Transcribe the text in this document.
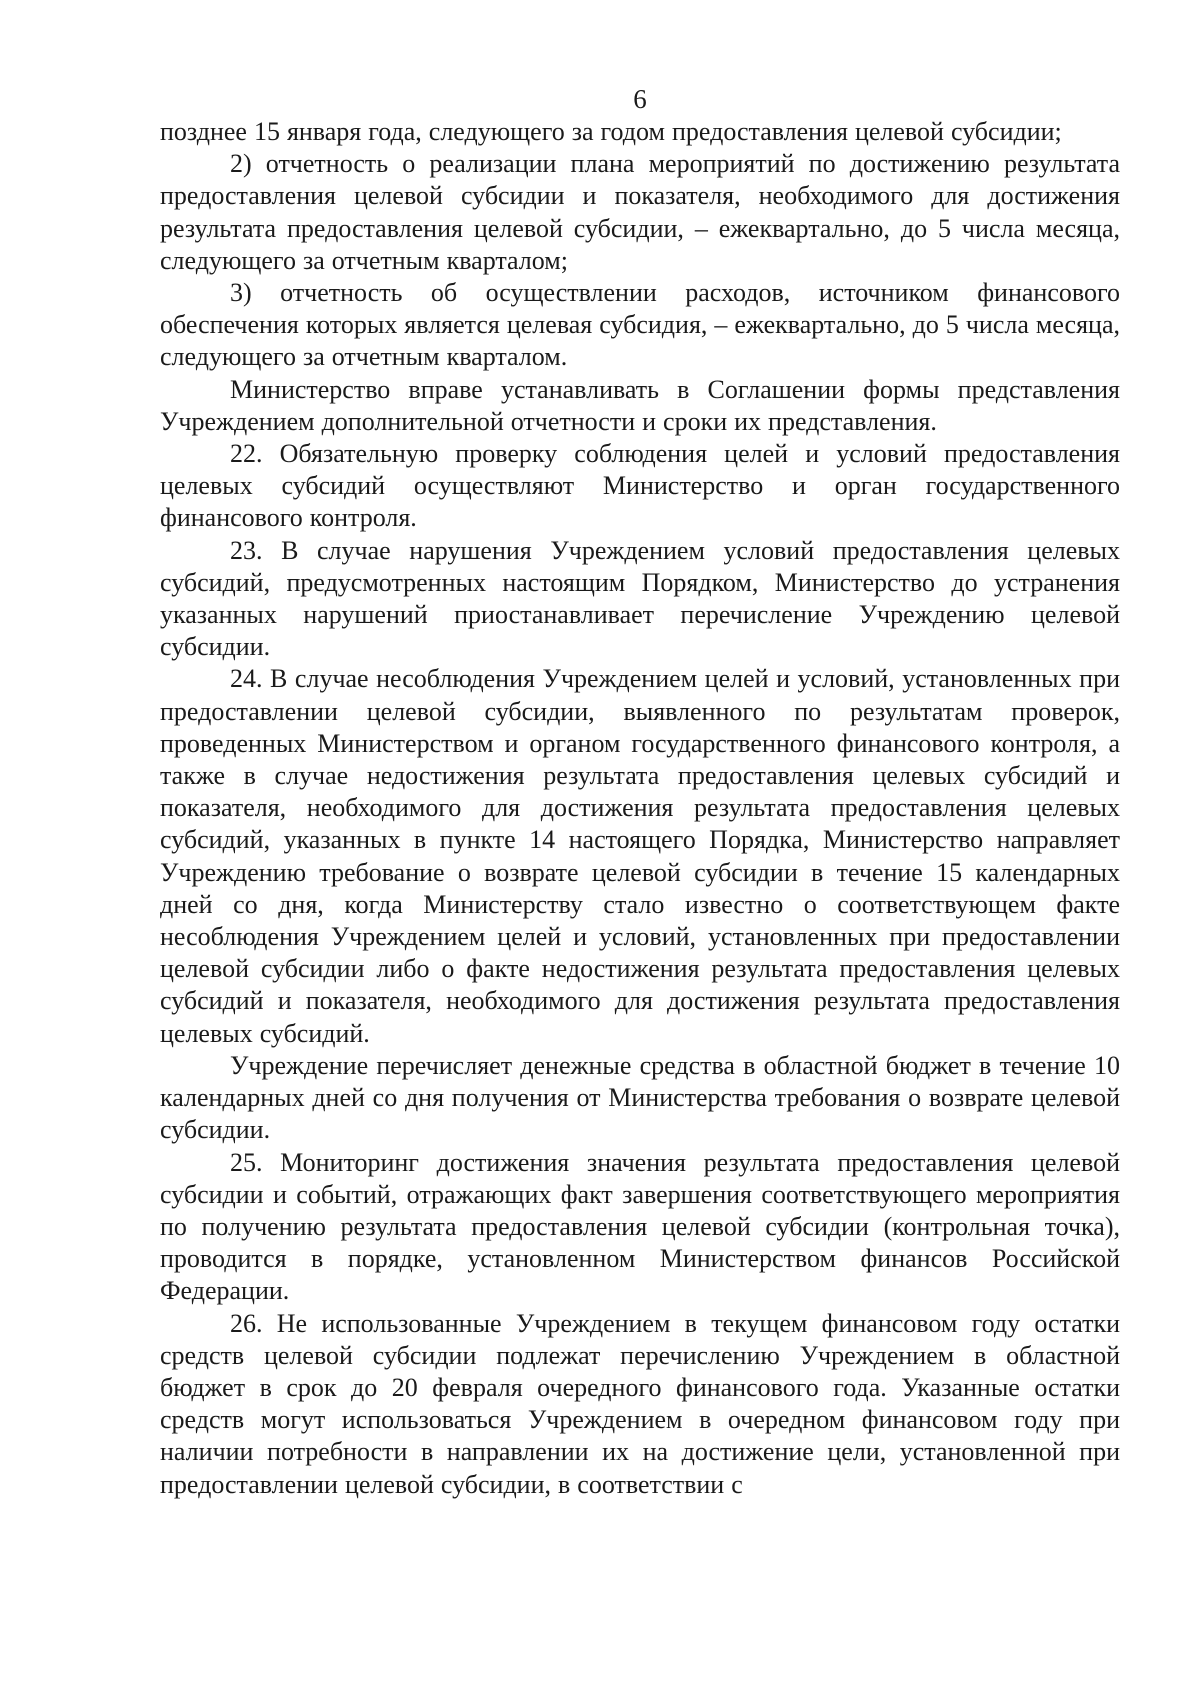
6

позднее 15 января года, следующего за годом предоставления целевой субсидии;

2) отчетность о реализации плана мероприятий по достижению результата предоставления целевой субсидии и показателя, необходимого для достижения результата предоставления целевой субсидии, – ежеквартально, до 5 числа месяца, следующего за отчетным кварталом;

3) отчетность об осуществлении расходов, источником финансового обеспечения которых является целевая субсидия, – ежеквартально, до 5 числа месяца, следующего за отчетным кварталом.

Министерство вправе устанавливать в Соглашении формы представления Учреждением дополнительной отчетности и сроки их представления.

22. Обязательную проверку соблюдения целей и условий предоставления целевых субсидий осуществляют Министерство и орган государственного финансового контроля.

23. В случае нарушения Учреждением условий предоставления целевых субсидий, предусмотренных настоящим Порядком, Министерство до устранения указанных нарушений приостанавливает перечисление Учреждению целевой субсидии.

24. В случае несоблюдения Учреждением целей и условий, установленных при предоставлении целевой субсидии, выявленного по результатам проверок, проведенных Министерством и органом государственного финансового контроля, а также в случае недостижения результата предоставления целевых субсидий и показателя, необходимого для достижения результата предоставления целевых субсидий, указанных в пункте 14 настоящего Порядка, Министерство направляет Учреждению требование о возврате целевой субсидии в течение 15 календарных дней со дня, когда Министерству стало известно о соответствующем факте несоблюдения Учреждением целей и условий, установленных при предоставлении целевой субсидии либо о факте недостижения результата предоставления целевых субсидий и показателя, необходимого для достижения результата предоставления целевых субсидий.

Учреждение перечисляет денежные средства в областной бюджет в течение 10 календарных дней со дня получения от Министерства требования о возврате целевой субсидии.

25. Мониторинг достижения значения результата предоставления целевой субсидии и событий, отражающих факт завершения соответствующего мероприятия по получению результата предоставления целевой субсидии (контрольная точка), проводится в порядке, установленном Министерством финансов Российской Федерации.

26. Не использованные Учреждением в текущем финансовом году остатки средств целевой субсидии подлежат перечислению Учреждением в областной бюджет в срок до 20 февраля очередного финансового года. Указанные остатки средств могут использоваться Учреждением в очередном финансовом году при наличии потребности в направлении их на достижение цели, установленной при предоставлении целевой субсидии, в соответствии с
